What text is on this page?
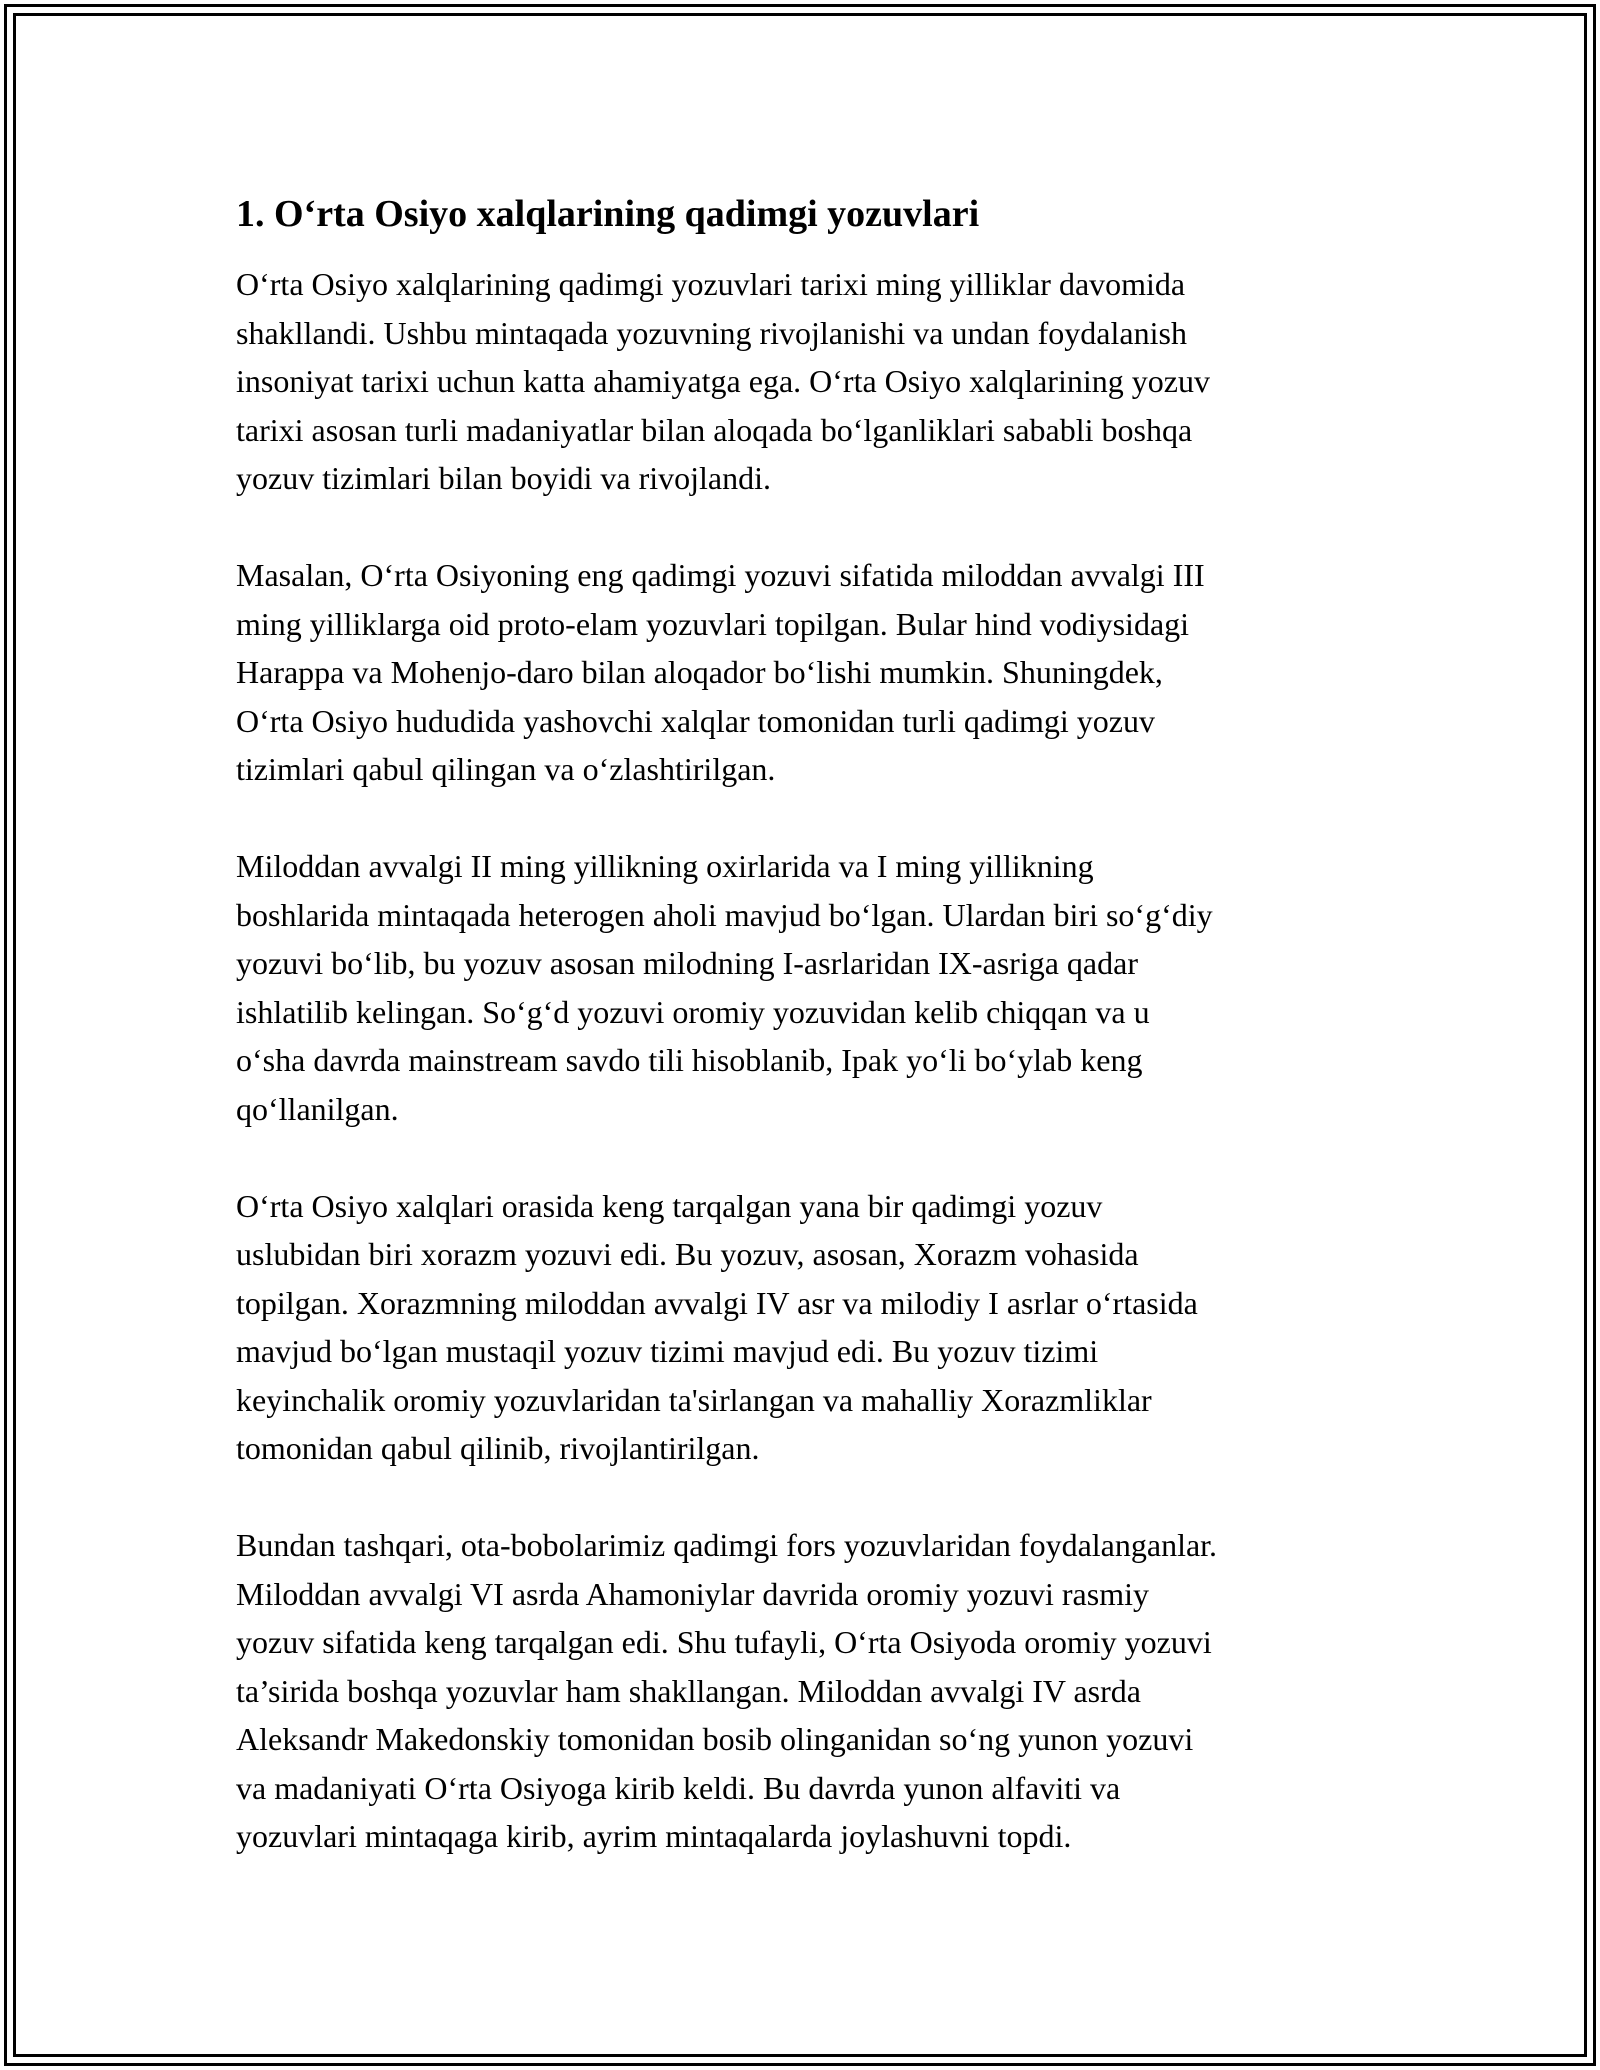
1. O‘rta Osiyo xalqlarining qadimgi yozuvlari

O‘rta Osiyo xalqlarining qadimgi yozuvlari tarixi ming yilliklar davomida
shakllandi. Ushbu mintaqada yozuvning rivojlanishi va undan foydalanish
insoniyat tarixi uchun katta ahamiyatga ega. O‘rta Osiyo xalqlarining yozuv
tarixi asosan turli madaniyatlar bilan aloqada bo‘lganliklari sababli boshqa
yozuv tizimlari bilan boyidi va rivojlandi.

Masalan, O‘rta Osiyoning eng qadimgi yozuvi sifatida miloddan avvalgi III
ming yilliklarga oid proto-elam yozuvlari topilgan. Bular hind vodiysidagi
Harappa va Mohenjo-daro bilan aloqador bo‘lishi mumkin. Shuningdek,
O‘rta Osiyo hududida yashovchi xalqlar tomonidan turli qadimgi yozuv
tizimlari qabul qilingan va o‘zlashtirilgan.

Miloddan avvalgi II ming yillikning oxirlarida va I ming yillikning
boshlarida mintaqada heterogen aholi mavjud bo‘lgan. Ulardan biri so‘g‘diy
yozuvi bo‘lib, bu yozuv asosan milodning I-asrlaridan IX-asriga qadar
ishlatilib kelingan. So‘g‘d yozuvi oromiy yozuvidan kelib chiqqan va u
o‘sha davrda mainstream savdo tili hisoblanib, Ipak yo‘li bo‘ylab keng
qo‘llanilgan.

O‘rta Osiyo xalqlari orasida keng tarqalgan yana bir qadimgi yozuv
uslubidan biri xorazm yozuvi edi. Bu yozuv, asosan, Xorazm vohasida
topilgan. Xorazmning miloddan avvalgi IV asr va milodiy I asrlar o‘rtasida
mavjud bo‘lgan mustaqil yozuv tizimi mavjud edi. Bu yozuv tizimi
keyinchalik oromiy yozuvlaridan ta'sirlangan va mahalliy Xorazmliklar
tomonidan qabul qilinib, rivojlantirilgan.

Bundan tashqari, ota-bobolarimiz qadimgi fors yozuvlaridan foydalanganlar.
Miloddan avvalgi VI asrda Ahamoniylar davrida oromiy yozuvi rasmiy
yozuv sifatida keng tarqalgan edi. Shu tufayli, O‘rta Osiyoda oromiy yozuvi
ta’sirida boshqa yozuvlar ham shakllangan. Miloddan avvalgi IV asrda
Aleksandr Makedonskiy tomonidan bosib olinganidan so‘ng yunon yozuvi
va madaniyati O‘rta Osiyoga kirib keldi. Bu davrda yunon alfaviti va
yozuvlari mintaqaga kirib, ayrim mintaqalarda joylashuvni topdi.
